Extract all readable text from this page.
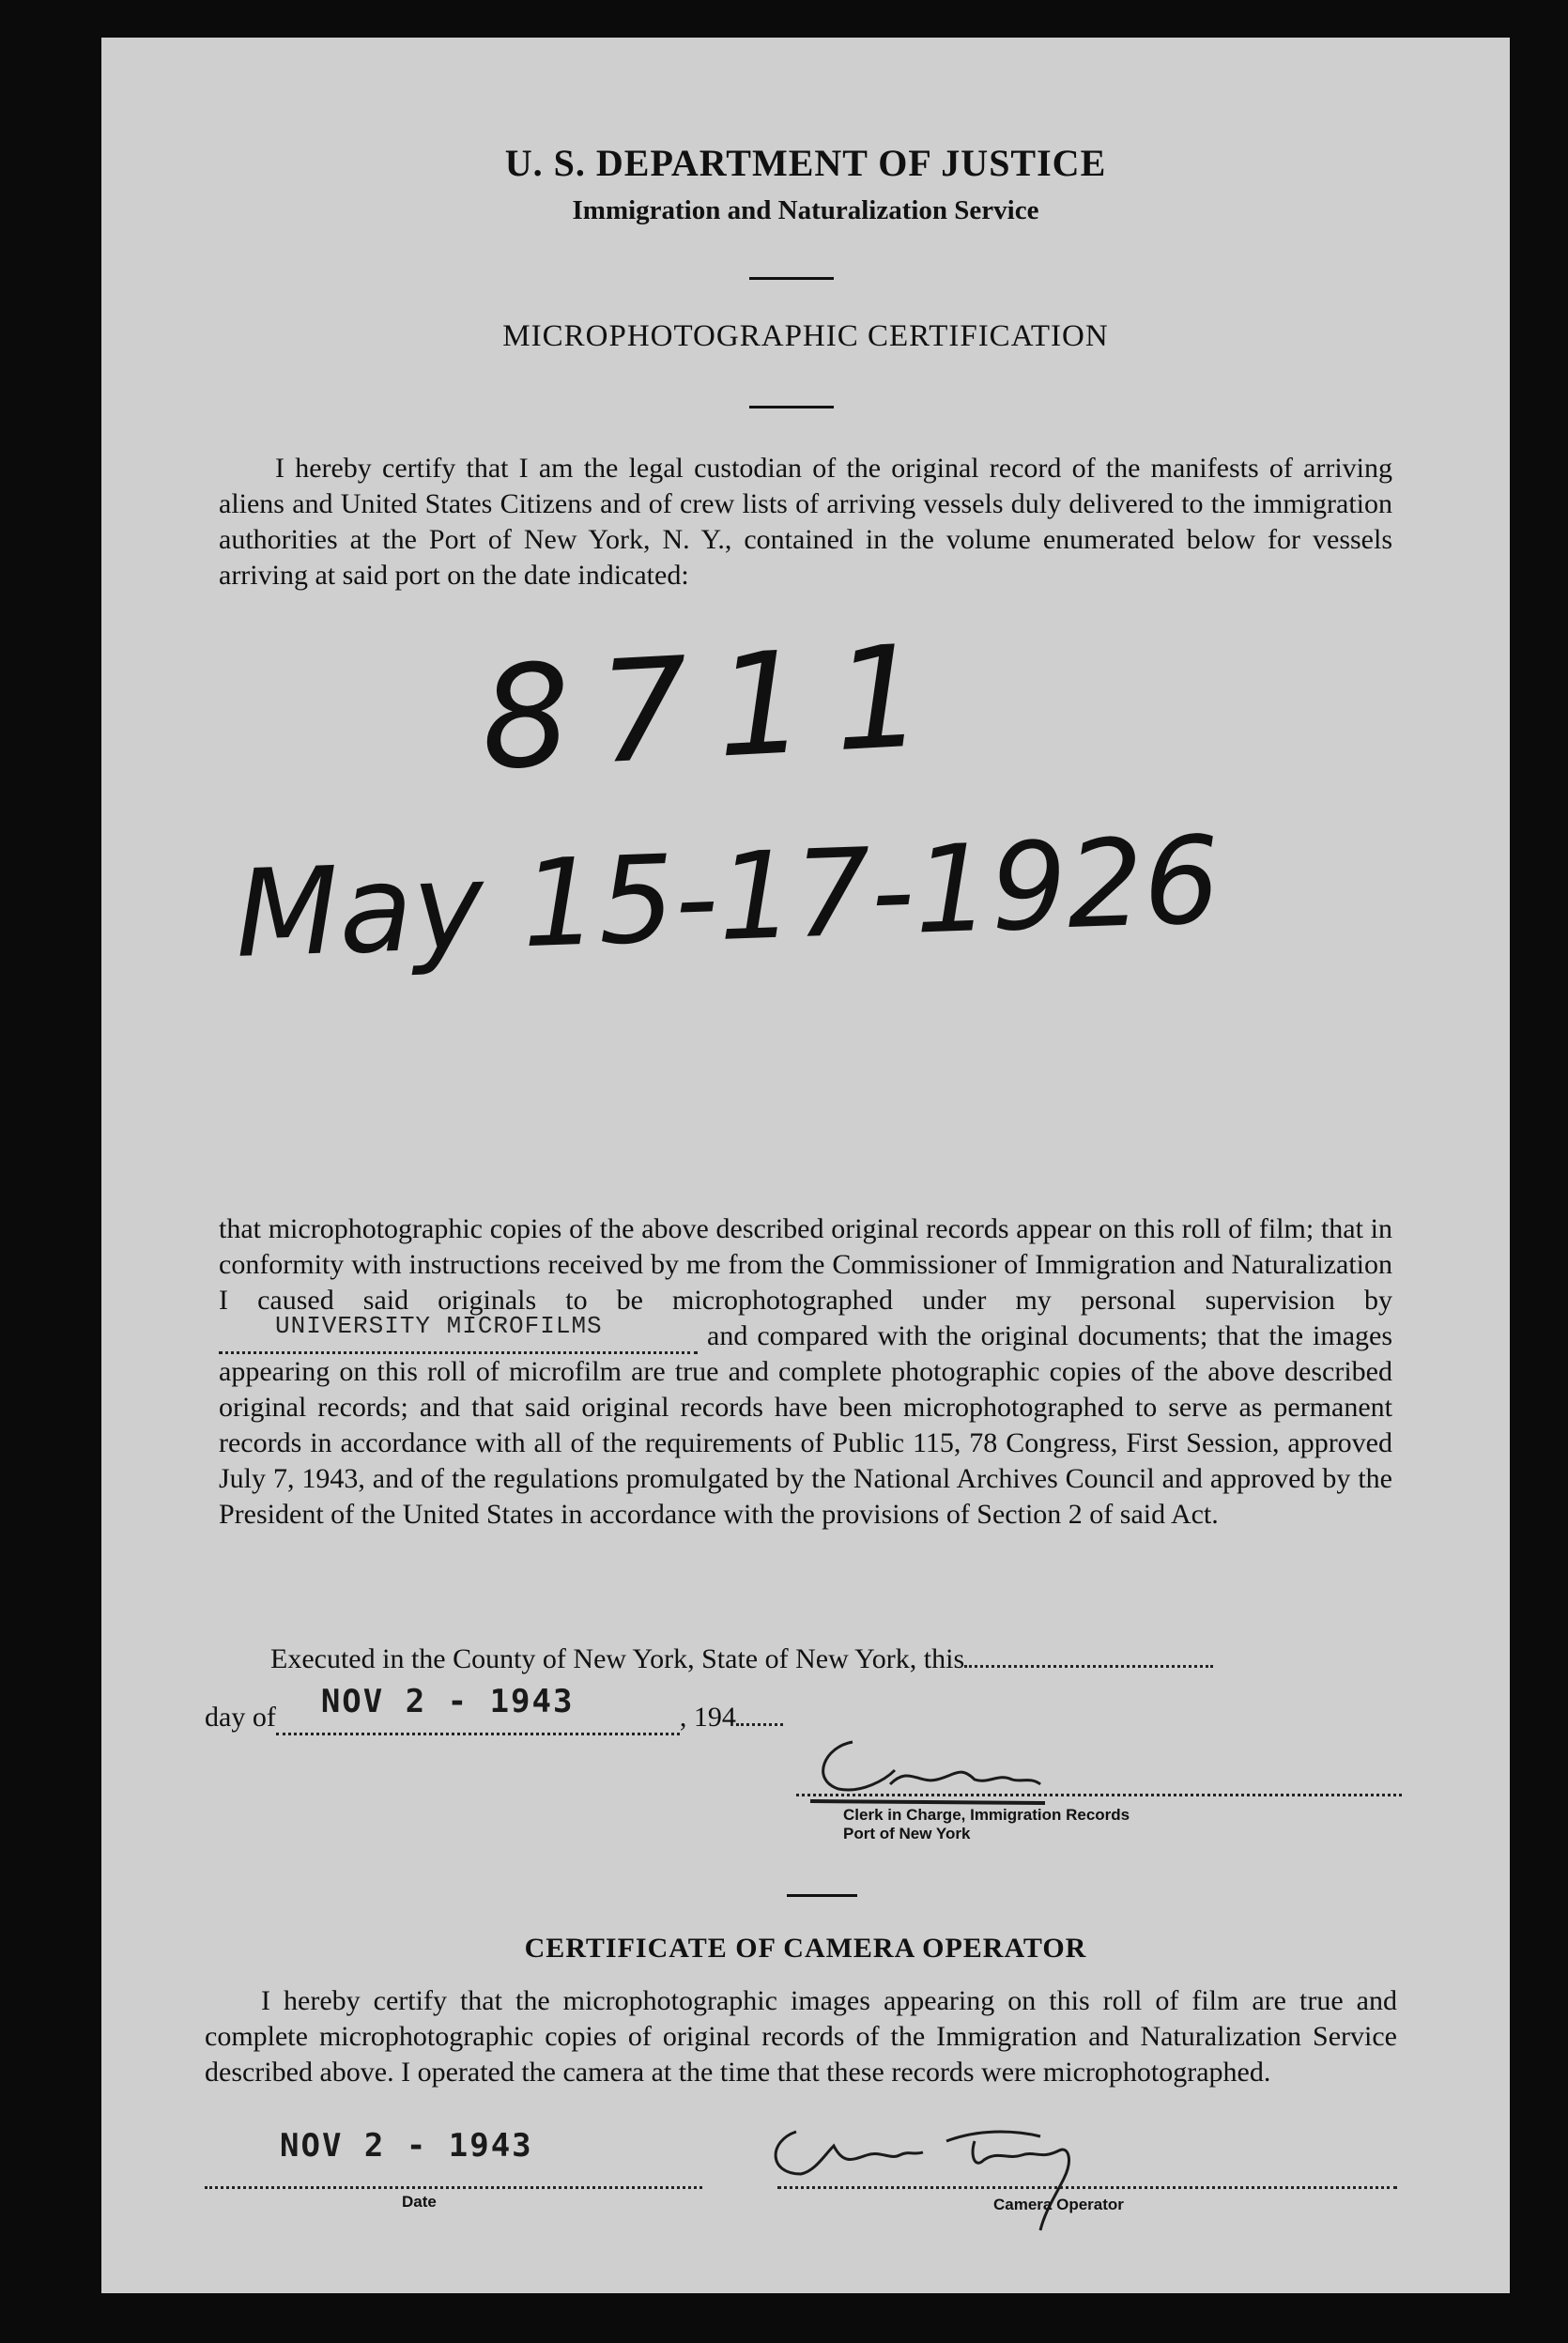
U. S. DEPARTMENT OF JUSTICE
Immigration and Naturalization Service
MICROPHOTOGRAPHIC CERTIFICATION
I hereby certify that I am the legal custodian of the original record of the manifests of arriving aliens and United States Citizens and of crew lists of arriving vessels duly delivered to the immigration authorities at the Port of New York, N. Y., contained in the volume enumerated below for vessels arriving at said port on the date indicated:
8711
May 15-17-1926
that microphotographic copies of the above described original records appear on this roll of film; that in conformity with instructions received by me from the Commissioner of Immigration and Naturalization I caused said originals to be microphotographed under my personal supervision by
UNIVERSITY MICROFILMS	and compared with the original documents; that the images appearing on this roll of microfilm are true and complete photographic copies of the above described original records; and that said original records have been microphotographed to serve as permanent records in accordance with all of the requirements of Public 115, 78 Congress, First Session, approved July 7, 1943, and of the regulations promulgated by the National Archives Council and approved by the President of the United States in accordance with the provisions of Section 2 of said Act.
Executed in the County of New York, State of New York, this
day of NOV 2 - 1943	, 194
Clerk in Charge, Immigration Records
Port of New York
CERTIFICATE OF CAMERA OPERATOR
I hereby certify that the microphotographic images appearing on this roll of film are true and complete microphotographic copies of original records of the Immigration and Naturalization Service described above. I operated the camera at the time that these records were microphotographed.
NOV 2 - 1943
Date	Camera Operator
